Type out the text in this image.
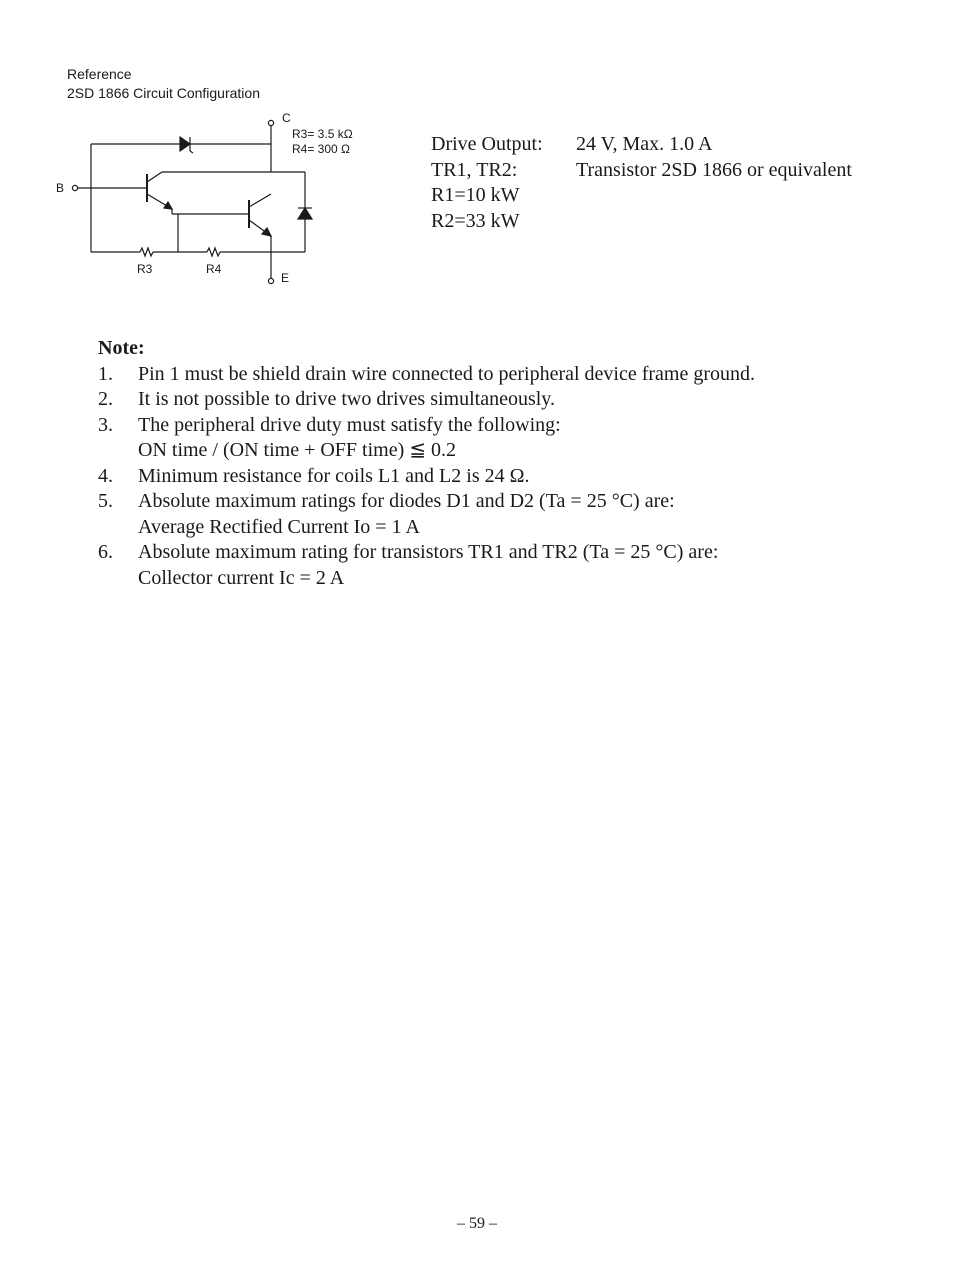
Reference
2SD 1866 Circuit Configuration
C
B
E
R3	R4
R3= 3.5 kΩ
R4= 300 Ω	Drive Output:	24 V, Max. 1.0 A
TR1, TR2:	Transistor 2SD 1866 or equivalent
R1=10 kW
R2=33 kW
Note:
1.	Pin 1 must be shield drain wire connected to peripheral device frame ground.
2.	It is not possible to drive two drives simultaneously.
3.	The peripheral drive duty must satisfy the following:
ON time / (ON time + OFF time) ≦ 0.2
4.	Minimum resistance for coils L1 and L2 is 24 Ω.
5.	Absolute maximum ratings for diodes D1 and D2 (Ta = 25 °C) are:
Average Rectified Current Io = 1 A
6.	Absolute maximum rating for transistors TR1 and TR2 (Ta = 25 °C) are:
Collector current Ic = 2 A
– 59 –
